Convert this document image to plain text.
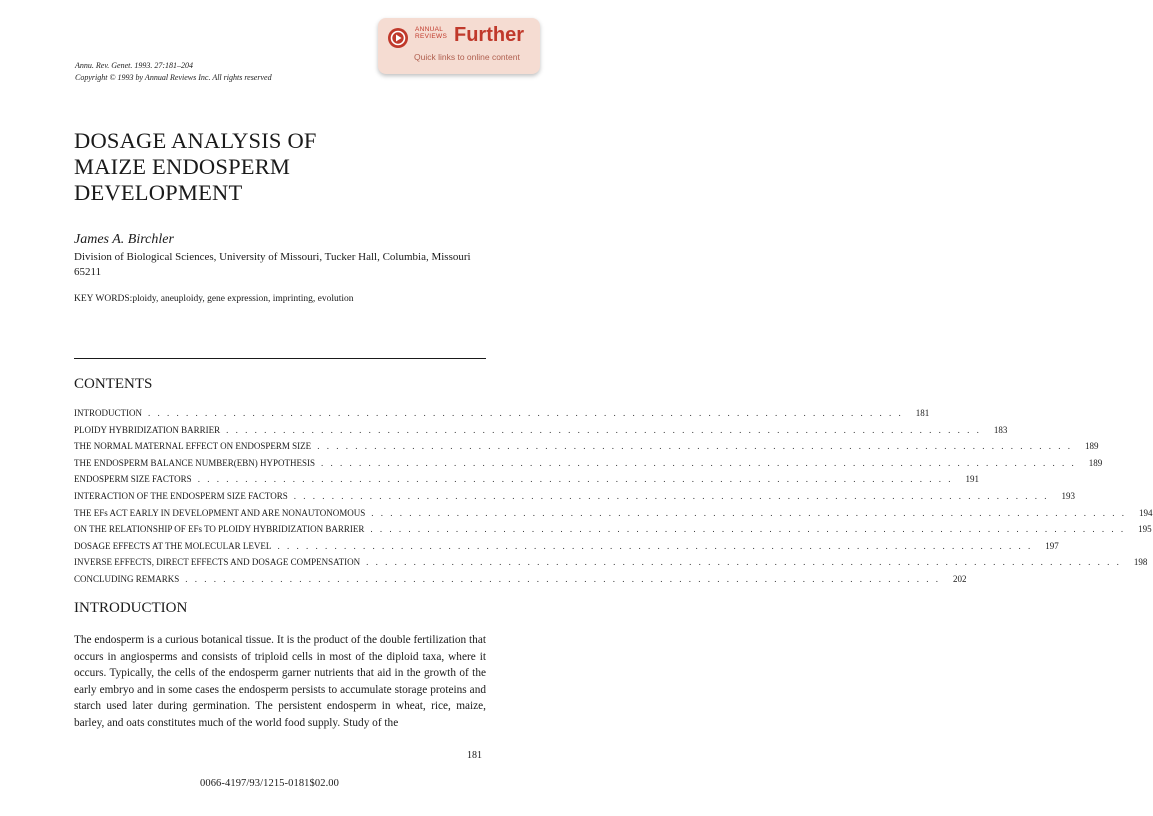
ANNUAL
REVIEWS Further
Quick links to online content
Annu. Rev. Genet. 1993. 27:181–204
Copyright © 1993 by Annual Reviews Inc. All rights reserved
DOSAGE ANALYSIS OF
MAIZE ENDOSPERM
DEVELOPMENT
James A. Birchler
Division of Biological Sciences, University of Missouri, Tucker Hall, Columbia, Missouri 65211
KEY WORDS:ploidy, aneuploidy, gene expression, imprinting, evolution
CONTENTS
INTRODUCTION . . . . . . . . . . . . . . . . . . . . . . . . . . . . . . . . . . . . . . . . . . . . . . . . . . . . . . . . . . . . . . . . . . . . . . . . . . . . . . . .	181
PLOIDY HYBRIDIZATION BARRIER . . . . . . . . . . . . . . . . . . . . . . . . . . . . . . . . . . . . . . . . . . . . . . . . . . . . . . . . . . . . . . . . . . . . . . . . . . . . . . . .	183
THE NORMAL MATERNAL EFFECT ON ENDOSPERM SIZE . . . . . . . . . . . . . . . . . . . . . . . . . . . . . . . . . . . . . . . . . . . . . . . . . . . . . . . . . . . . . . . . . . . . . . . . . . . . . . . .	189
THE ENDOSPERM BALANCE NUMBER(EBN) HYPOTHESIS . . . . . . . . . . . . . . . . . . . . . . . . . . . . . . . . . . . . . . . . . . . . . . . . . . . . . . . . . . . . . . . . . . . . . . . . . . . . . . . .	189
ENDOSPERM SIZE FACTORS . . . . . . . . . . . . . . . . . . . . . . . . . . . . . . . . . . . . . . . . . . . . . . . . . . . . . . . . . . . . . . . . . . . . . . . . . . . . . . . .	191
INTERACTION OF THE ENDOSPERM SIZE FACTORS . . . . . . . . . . . . . . . . . . . . . . . . . . . . . . . . . . . . . . . . . . . . . . . . . . . . . . . . . . . . . . . . . . . . . . . . . . . . . . . .	193
THE EFs ACT EARLY IN DEVELOPMENT AND ARE NONAUTONOMOUS . . . . . . . . . . . . . . . . . . . . . . . . . . . . . . . . . . . . . . . . . . . . . . . . . . . . . . . . . . . . . . . . . . . . . . . . . . . . . . . .	194
ON THE RELATIONSHIP OF EFs TO PLOIDY HYBRIDIZATION BARRIER . . . . . . . . . . . . . . . . . . . . . . . . . . . . . . . . . . . . . . . . . . . . . . . . . . . . . . . . . . . . . . . . . . . . . . . . . . . . . . . .	195
DOSAGE EFFECTS AT THE MOLECULAR LEVEL . . . . . . . . . . . . . . . . . . . . . . . . . . . . . . . . . . . . . . . . . . . . . . . . . . . . . . . . . . . . . . . . . . . . . . . . . . . . . . . .	197
INVERSE EFFECTS, DIRECT EFFECTS AND DOSAGE COMPENSATION . . . . . . . . . . . . . . . . . . . . . . . . . . . . . . . . . . . . . . . . . . . . . . . . . . . . . . . . . . . . . . . . . . . . . . . . . . . . . . . .	198
CONCLUDING REMARKS . . . . . . . . . . . . . . . . . . . . . . . . . . . . . . . . . . . . . . . . . . . . . . . . . . . . . . . . . . . . . . . . . . . . . . . . . . . . . . . .	202
INTRODUCTION
The endosperm is a curious botanical tissue. It is the product of the double fertilization that occurs in angiosperms and consists of triploid cells in most of the diploid taxa, where it occurs. Typically, the cells of the endosperm garner nutrients that aid in the growth of the early embryo and in some cases the endosperm persists to accumulate storage proteins and starch used later during germination. The persistent endosperm in wheat, rice, maize, barley, and oats constitutes much of the world food supply. Study of the
181
0066-4197/93/1215-0181$02.00
